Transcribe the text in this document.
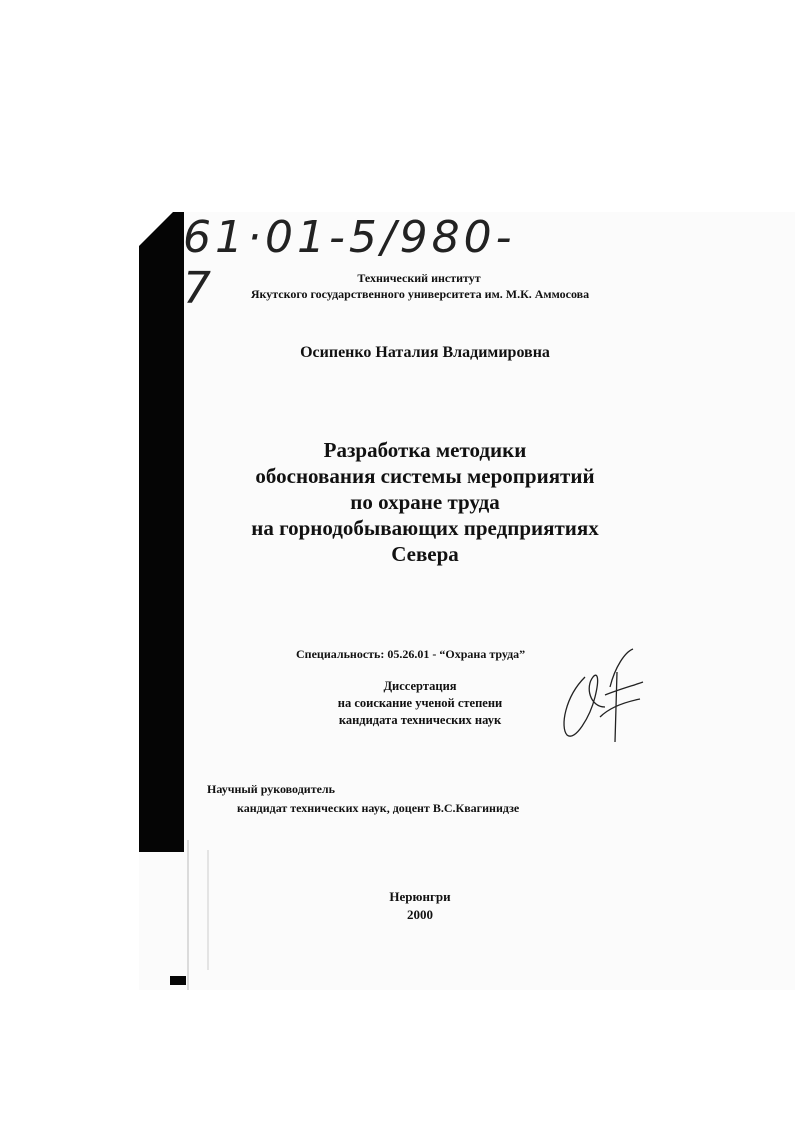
61·01-5/980-7	Технический институт
Якутского государственного университета им. М.К. Аммосова
Осипенко Наталия Владимировна
Разработка методики
обоснования системы мероприятий
по охране труда
на горнодобывающих предприятиях
Севера
Специальность: 05.26.01 - “Охрана труда”
Диссертация
на соискание ученой степени
кандидата технических наук
Научный руководитель
кандидат технических наук, доцент В.С.Квагинидзе
Нерюнгри
2000
